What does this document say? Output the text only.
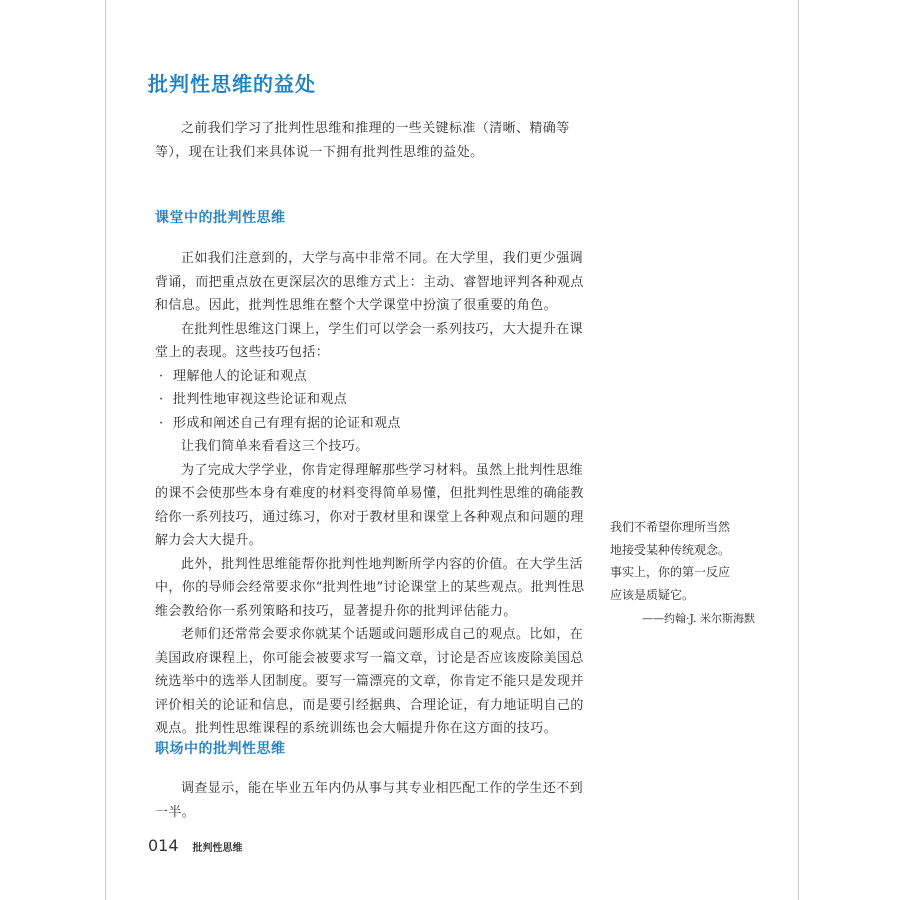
批判性思维的益处

之前我们学习了批判性思维和推理的一些关键标准（清晰、精确等等），现在让我们来具体说一下拥有批判性思维的益处。

课堂中的批判性思维

正如我们注意到的，大学与高中非常不同。在大学里，我们更少强调背诵，而把重点放在更深层次的思维方式上：主动、睿智地评判各种观点和信息。因此，批判性思维在整个大学课堂中扮演了很重要的角色。

在批判性思维这门课上，学生们可以学会一系列技巧，大大提升在课堂上的表现。这些技巧包括：

· 理解他人的论证和观点
· 批判性地审视这些论证和观点
· 形成和阐述自己有理有据的论证和观点

让我们简单来看看这三个技巧。

为了完成大学学业，你肯定得理解那些学习材料。虽然上批判性思维的课不会使那些本身有难度的材料变得简单易懂，但批判性思维的确能教给你一系列技巧，通过练习，你对于教材里和课堂上各种观点和问题的理解力会大大提升。

此外，批判性思维能帮你批判性地判断所学内容的价值。在大学生活中，你的导师会经常要求你“批判性地”讨论课堂上的某些观点。批判性思维会教给你一系列策略和技巧，显著提升你的批判评估能力。

老师们还常常会要求你就某个话题或问题形成自己的观点。比如，在美国政府课程上，你可能会被要求写一篇文章，讨论是否应该废除美国总统选举中的选举人团制度。要写一篇漂亮的文章，你肯定不能只是发现并评价相关的论证和信息，而是要引经据典、合理论证，有力地证明自己的观点。批判性思维课程的系统训练也会大幅提升你在这方面的技巧。

我们不希望你理所当然

地接受某种传统观念。

事实上，你的第一反应

应该是质疑它。

——约翰·J. 米尔斯海默

职场中的批判性思维

调查显示，能在毕业五年内仍从事与其专业相匹配工作的学生还不到一半。

014 批判性思维
